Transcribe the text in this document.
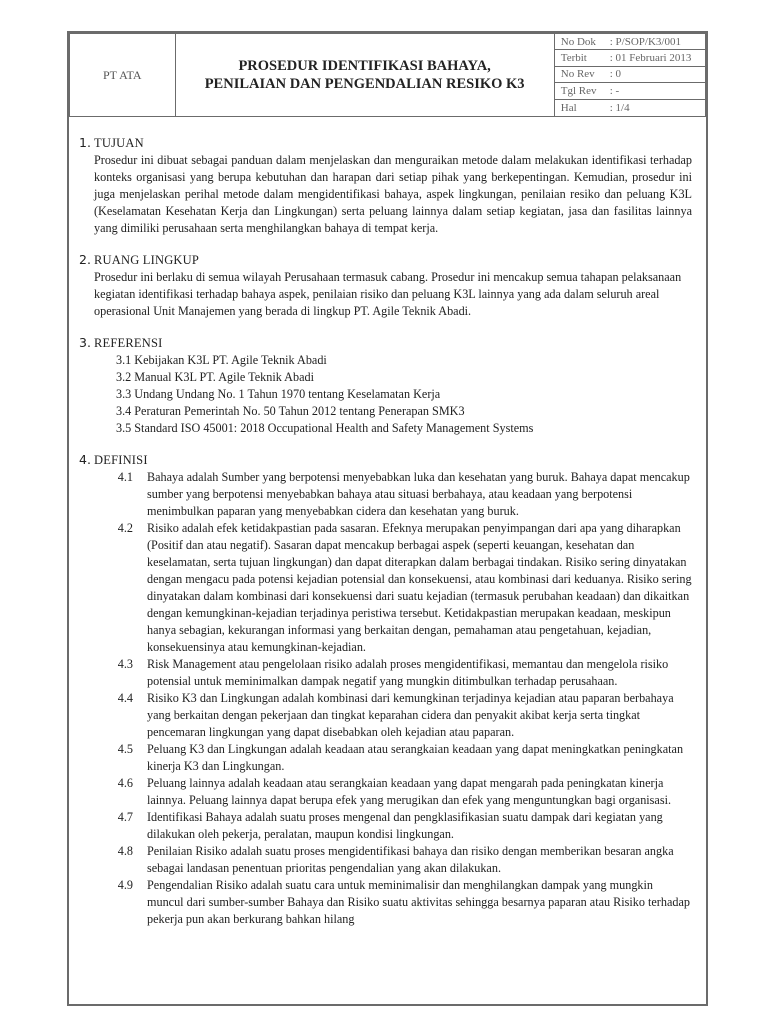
PT ATA	
PROSEDUR IDENTIFIKASI BAHAYA,
PENILAIAN DAN PENGENDALIAN RESIKO K3

No Dok	: P/SOP/K3/001
Terbit	: 01 Februari 2013
No Rev	: 0
Tgl Rev	: -
Hal	: 1/4
1. TUJUAN
Prosedur ini dibuat sebagai panduan dalam menjelaskan dan menguraikan metode dalam melakukan identifikasi terhadap konteks organisasi yang berupa kebutuhan dan harapan dari setiap pihak yang berkepentingan. Kemudian, prosedur ini juga menjelaskan perihal metode dalam mengidentifikasi bahaya, aspek lingkungan, penilaian resiko dan peluang K3L (Keselamatan Kesehatan Kerja dan Lingkungan) serta peluang lainnya dalam setiap kegiatan, jasa dan fasilitas lainnya yang dimiliki perusahaan serta menghilangkan bahaya di tempat kerja.
2. RUANG LINGKUP
Prosedur ini berlaku di semua wilayah Perusahaan termasuk cabang. Prosedur ini mencakup semua tahapan pelaksanaan kegiatan identifikasi terhadap bahaya aspek, penilaian risiko dan peluang K3L lainnya yang ada dalam seluruh areal operasional Unit Manajemen yang berada di lingkup PT. Agile Teknik Abadi.
3. REFERENSI
3.1 Kebijakan K3L PT. Agile Teknik Abadi
3.2 Manual K3L PT. Agile Teknik Abadi
3.3 Undang Undang No. 1 Tahun 1970 tentang Keselamatan Kerja
3.4 Peraturan Pemerintah No. 50 Tahun 2012 tentang Penerapan SMK3
3.5 Standard ISO 45001: 2018 Occupational Health and Safety Management Systems
4. DEFINISI
4.1	Bahaya adalah Sumber yang berpotensi menyebabkan luka dan kesehatan yang buruk. Bahaya dapat mencakup sumber yang berpotensi menyebabkan bahaya atau situasi berbahaya, atau keadaan yang berpotensi menimbulkan paparan yang menyebabkan cidera dan kesehatan yang buruk.
4.2	Risiko adalah efek ketidakpastian pada sasaran. Efeknya merupakan penyimpangan dari apa yang diharapkan (Positif dan atau negatif). Sasaran dapat mencakup berbagai aspek (seperti keuangan, kesehatan dan keselamatan, serta tujuan lingkungan) dan dapat diterapkan dalam berbagai tindakan. Risiko sering dinyatakan dengan mengacu pada potensi kejadian potensial dan konsekuensi, atau kombinasi dari keduanya. Risiko sering dinyatakan dalam kombinasi dari konsekuensi dari suatu kejadian (termasuk perubahan keadaan) dan dikaitkan dengan kemungkinan-kejadian terjadinya peristiwa tersebut. Ketidakpastian merupakan keadaan, meskipun hanya sebagian, kekurangan informasi yang berkaitan dengan, pemahaman atau pengetahuan, kejadian, konsekuensinya atau kemungkinan-kejadian.
4.3	Risk Management atau pengelolaan risiko adalah proses mengidentifikasi, memantau dan mengelola risiko potensial untuk meminimalkan dampak negatif yang mungkin ditimbulkan terhadap perusahaan.
4.4	Risiko K3 dan Lingkungan adalah kombinasi dari kemungkinan terjadinya kejadian atau paparan berbahaya yang berkaitan dengan pekerjaan dan tingkat keparahan cidera dan penyakit akibat kerja serta tingkat pencemaran lingkungan yang dapat disebabkan oleh kejadian atau paparan.
4.5	Peluang K3 dan Lingkungan adalah keadaan atau serangkaian keadaan yang dapat meningkatkan peningkatan kinerja K3 dan Lingkungan.
4.6	Peluang lainnya adalah keadaan atau serangkaian keadaan yang dapat mengarah pada peningkatan kinerja lainnya. Peluang lainnya dapat berupa efek yang merugikan dan efek yang menguntungkan bagi organisasi.
4.7	Identifikasi Bahaya adalah suatu proses mengenal dan pengklasifikasian suatu dampak dari kegiatan yang dilakukan oleh pekerja, peralatan, maupun kondisi lingkungan.
4.8	Penilaian Risiko adalah suatu proses mengidentifikasi bahaya dan risiko dengan memberikan besaran angka sebagai landasan penentuan prioritas pengendalian yang akan dilakukan.
4.9	Pengendalian Risiko adalah suatu cara untuk meminimalisir dan menghilangkan dampak yang mungkin muncul dari sumber-sumber Bahaya dan Risiko suatu aktivitas sehingga besarnya paparan atau Risiko terhadap pekerja pun akan berkurang bahkan hilang
